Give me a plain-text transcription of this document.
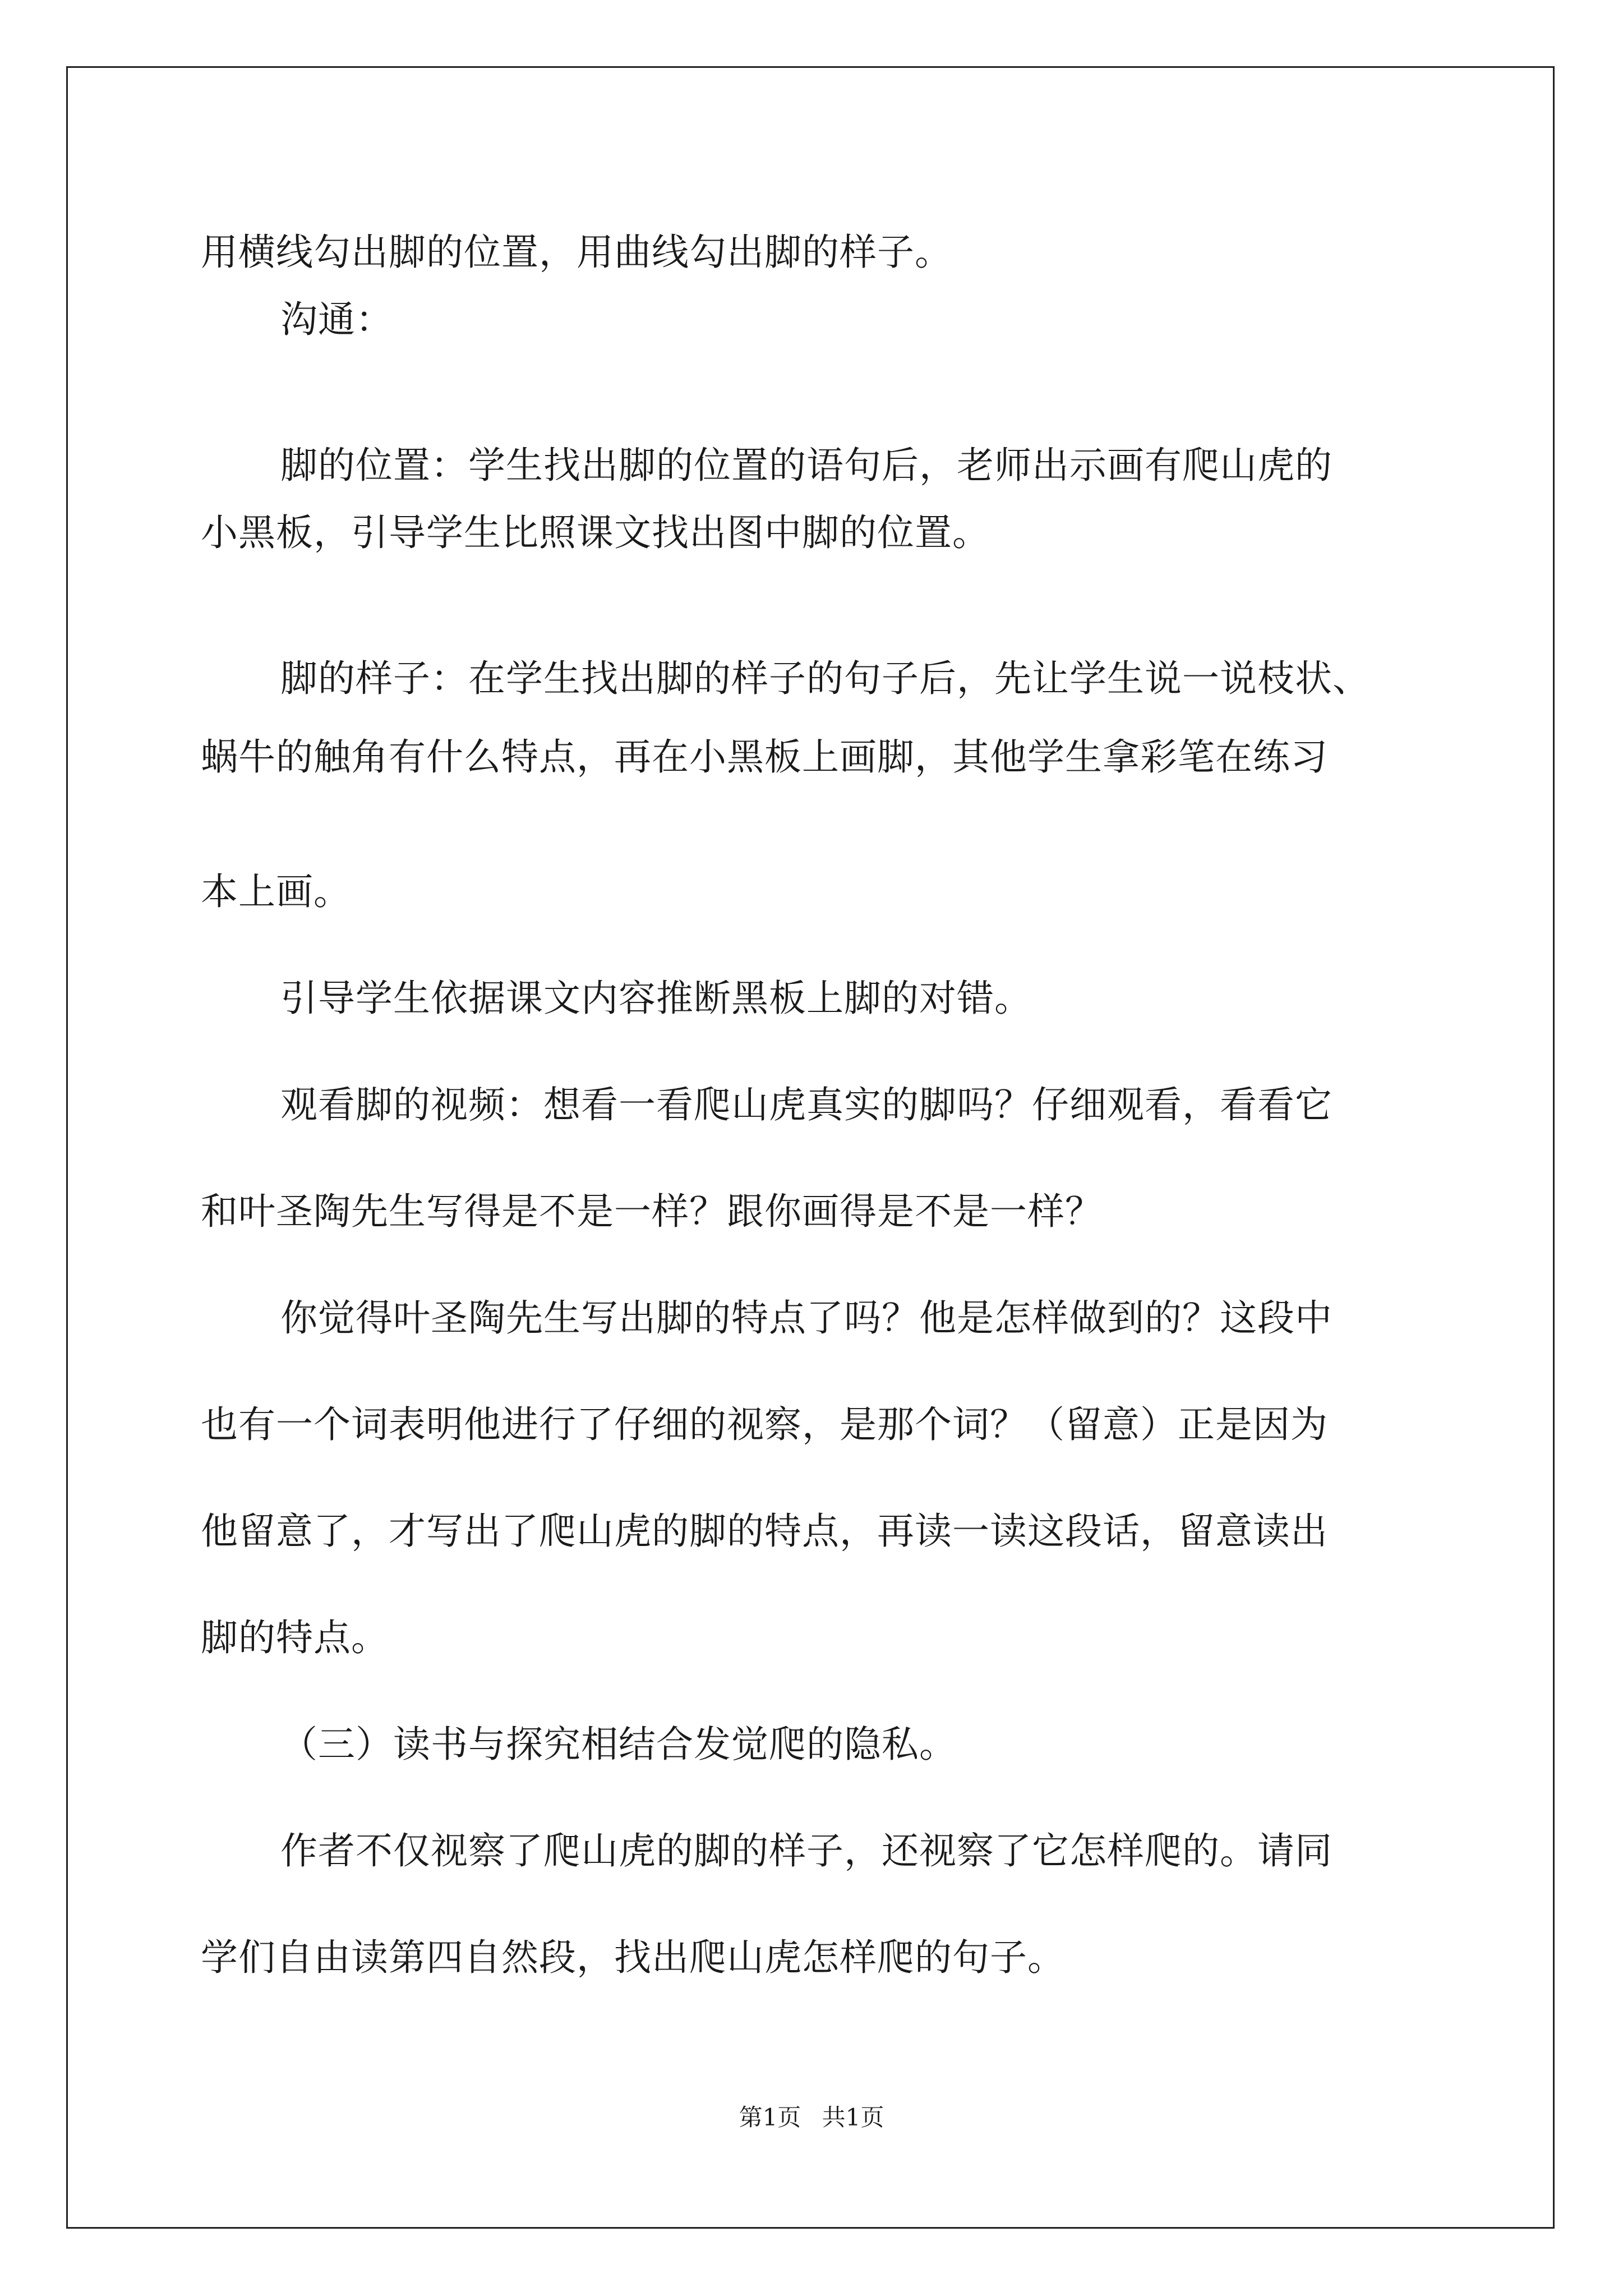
用横线勾出脚的位置，用曲线勾出脚的样子。
沟通：
脚的位置：学生找出脚的位置的语句后，老师出示画有爬山虎的
小黑板，引导学生比照课文找出图中脚的位置。
脚的样子：在学生找出脚的样子的句子后，先让学生说一说枝状、
蜗牛的触角有什么特点，再在小黑板上画脚，其他学生拿彩笔在练习
本上画。
引导学生依据课文内容推断黑板上脚的对错。
观看脚的视频：想看一看爬山虎真实的脚吗？仔细观看，看看它
和叶圣陶先生写得是不是一样？跟你画得是不是一样？
你觉得叶圣陶先生写出脚的特点了吗？他是怎样做到的？这段中
也有一个词表明他进行了仔细的视察，是那个词？（留意）正是因为
他留意了，才写出了爬山虎的脚的特点，再读一读这段话，留意读出
脚的特点。
（三）读书与探究相结合发觉爬的隐私。
作者不仅视察了爬山虎的脚的样子，还视察了它怎样爬的。请同
学们自由读第四自然段，找出爬山虎怎样爬的句子。
第1页 共1页
